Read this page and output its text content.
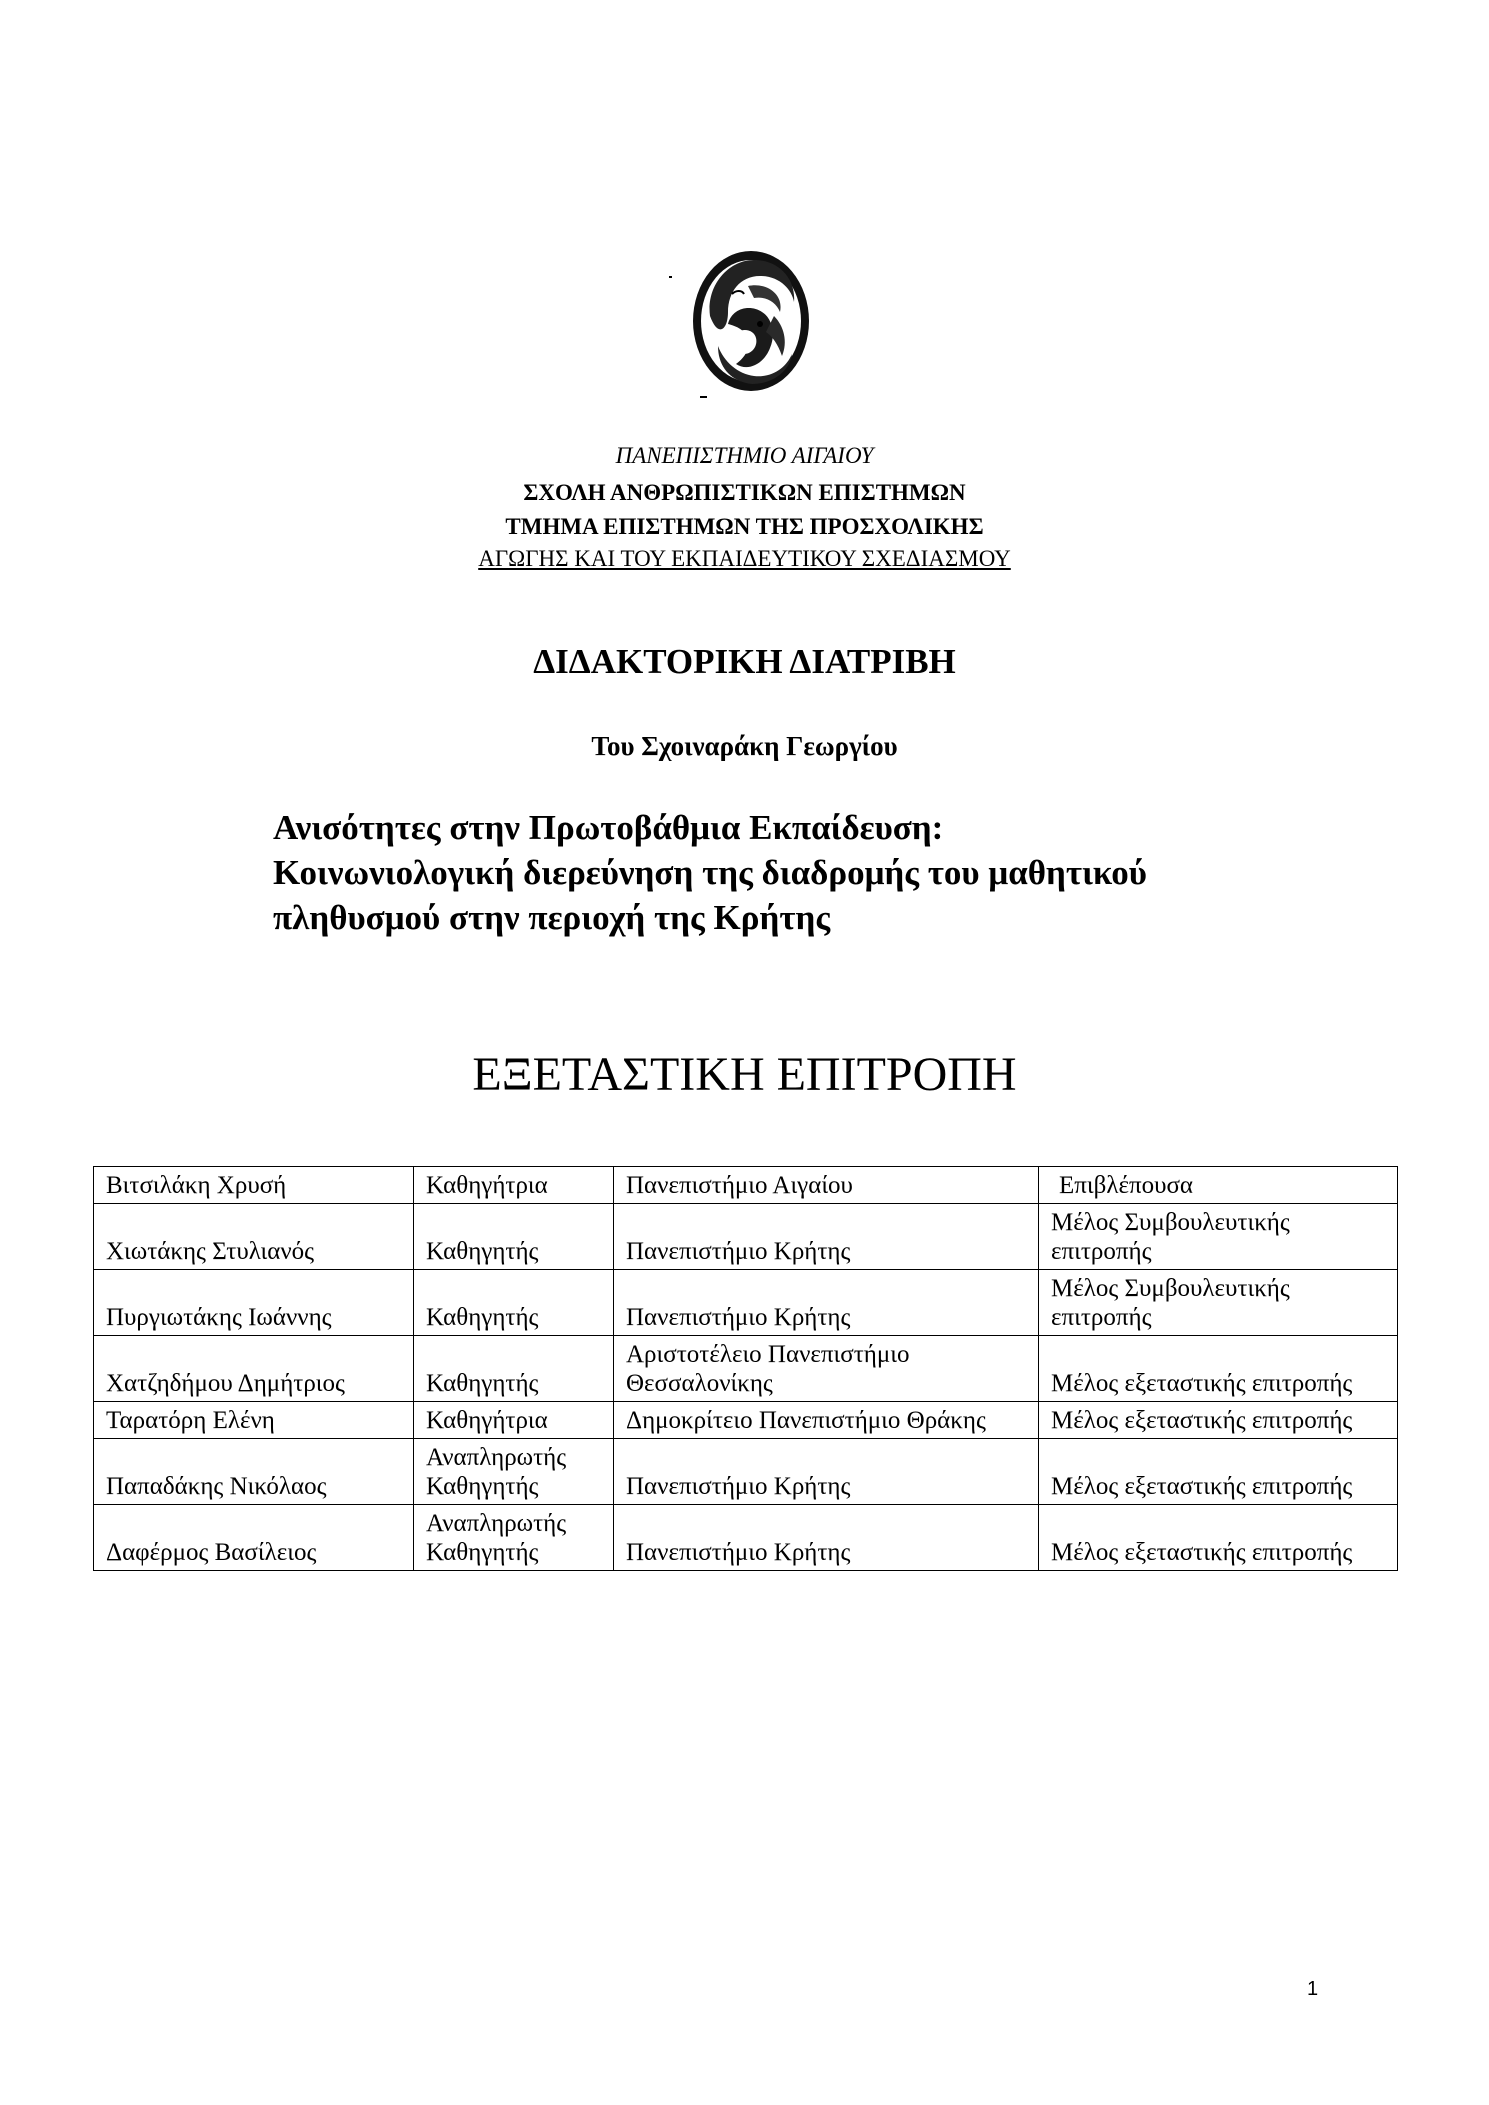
ΠΑΝΕΠΙΣΤΗΜΙΟ ΑΙΓΑΙΟΥ
ΣΧΟΛΗ ΑΝΘΡΩΠΙΣΤΙΚΩΝ ΕΠΙΣΤΗΜΩΝ
ΤΜΗΜΑ ΕΠΙΣΤΗΜΩΝ ΤΗΣ ΠΡΟΣΧΟΛΙΚΗΣ
ΑΓΩΓΗΣ ΚΑΙ ΤΟΥ ΕΚΠΑΙΔΕΥΤΙΚΟΥ ΣΧΕΔΙΑΣΜΟΥ
ΔΙΔΑΚΤΟΡΙΚΗ ΔΙΑΤΡΙΒΗ
Του Σχοιναράκη Γεωργίου
Ανισότητες στην Πρωτοβάθμια Εκπαίδευση:
Κοινωνιολογική διερεύνηση της διαδρομής του μαθητικού
πληθυσμού στην περιοχή της Κρήτης
ΕΞΕΤΑΣΤΙΚΗ ΕΠΙΤΡΟΠΗ
Βιτσιλάκη Χρυσή	Καθηγήτρια	Πανεπιστήμιο Αιγαίου	Επιβλέπουσα
Χιωτάκης Στυλιανός	Καθηγητής	Πανεπιστήμιο Κρήτης	Μέλος Συμβουλευτικής επιτροπής
Πυργιωτάκης Ιωάννης	Καθηγητής	Πανεπιστήμιο Κρήτης	Μέλος Συμβουλευτικής επιτροπής
Χατζηδήμου Δημήτριος	Καθηγητής	Αριστοτέλειο Πανεπιστήμιο Θεσσαλονίκης	Μέλος εξεταστικής επιτροπής
Ταρατόρη Ελένη	Καθηγήτρια	Δημοκρίτειο Πανεπιστήμιο Θράκης	Μέλος εξεταστικής επιτροπής
Παπαδάκης Νικόλαος	Αναπληρωτής Καθηγητής	Πανεπιστήμιο Κρήτης	Μέλος εξεταστικής επιτροπής
Δαφέρμος Βασίλειος	Αναπληρωτής Καθηγητής	Πανεπιστήμιο Κρήτης	Μέλος εξεταστικής επιτροπής
1
